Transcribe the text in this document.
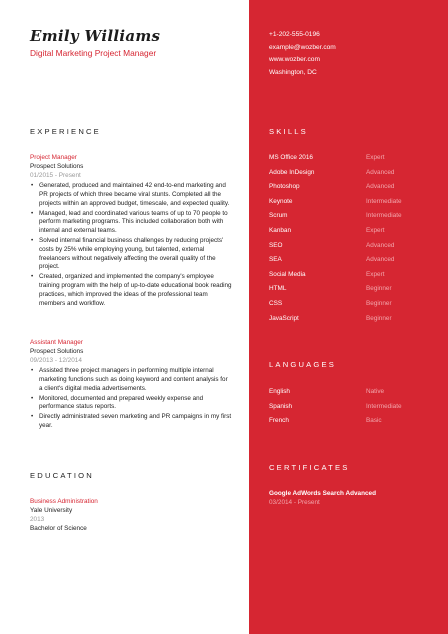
Emily Williams
Digital Marketing Project Manager
EXPERIENCE
Project Manager
Prospect Solutions
01/2015 - Present
• Generated, produced and maintained 42 end-to-end marketing and PR projects of which three became viral stunts. Completed all the projects within an approved budget, timescale, and expected quality.
• Managed, lead and coordinated various teams of up to 70 people to perform marketing programs. This included collaboration both with internal and external teams.
• Solved internal financial business challenges by reducing projects' costs by 25% while employing young, but talented, external freelancers without negatively affecting the overall quality of the project.
• Created, organized and implemented the company's employee training program with the help of up-to-date educational book reading practices, which improved the ideas of the professional team members and workflow.
Assistant Manager
Prospect Solutions
09/2013 - 12/2014
• Assisted three project managers in performing multiple internal marketing functions such as doing keyword and content analysis for a client's digital media advertisements.
• Monitored, documented and prepared weekly expense and performance status reports.
• Directly administrated seven marketing and PR campaigns in my first year.
EDUCATION
Business Administration
Yale University
2013
Bachelor of Science
+1-202-555-0196
example@wozber.com
www.wozber.com
Washington, DC
SKILLS
MS Office 2016	Expert
Adobe InDesign	Advanced
Photoshop	Advanced
Keynote	Intermediate
Scrum	Intermediate
Kanban	Expert
SEO	Advanced
SEA	Advanced
Social Media	Expert
HTML	Beginner
CSS	Beginner
JavaScript	Beginner
LANGUAGES
English	Native
Spanish	Intermediate
French	Basic
CERTIFICATES
Google AdWords Search Advanced
03/2014 - Present
